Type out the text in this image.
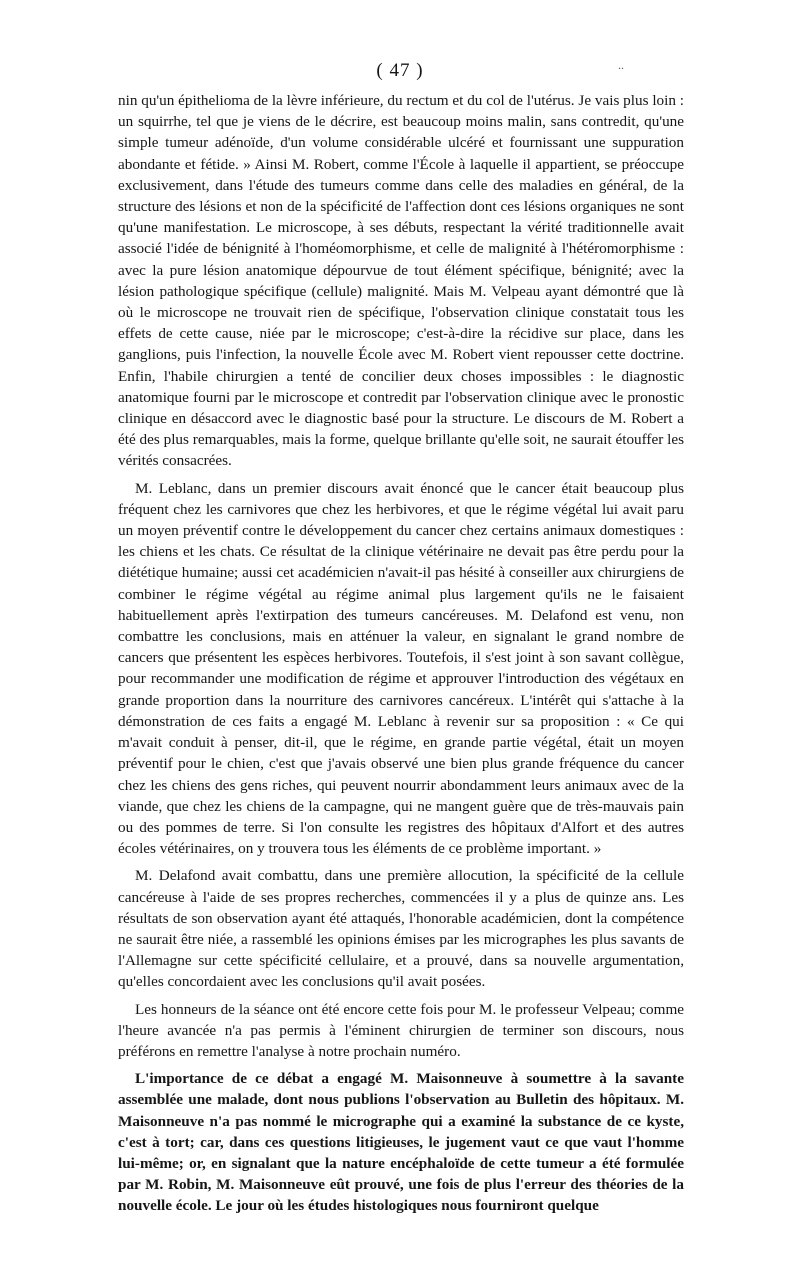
( 47 )	..

nin qu'un épithelioma de la lèvre inférieure, du rectum et du col de l'utérus. Je vais plus loin : un squirrhe, tel que je viens de le décrire, est beaucoup moins malin, sans contredit, qu'une simple tumeur adénoïde, d'un volume considérable ulcéré et fournissant une suppuration abondante et fétide. » Ainsi M. Robert, comme l'École à laquelle il appartient, se préoccupe exclusivement, dans l'étude des tumeurs comme dans celle des maladies en général, de la structure des lésions et non de la spécificité de l'affection dont ces lésions organiques ne sont qu'une manifestation. Le microscope, à ses débuts, respectant la vérité traditionnelle avait associé l'idée de bénignité à l'homéomorphisme, et celle de malignité à l'hétéromorphisme : avec la pure lésion anatomique dépourvue de tout élément spécifique, bénignité; avec la lésion pathologique spécifique (cellule) malignité. Mais M. Velpeau ayant démontré que là où le microscope ne trouvait rien de spécifique, l'observation clinique constatait tous les effets de cette cause, niée par le microscope; c'est-à-dire la récidive sur place, dans les ganglions, puis l'infection, la nouvelle École avec M. Robert vient repousser cette doctrine. Enfin, l'habile chirurgien a tenté de concilier deux choses impossibles : le diagnostic anatomique fourni par le microscope et contredit par l'observation clinique avec le pronostic clinique en désaccord avec le diagnostic basé pour la structure. Le discours de M. Robert a été des plus remarquables, mais la forme, quelque brillante qu'elle soit, ne saurait étouffer les vérités consacrées.

M. Leblanc, dans un premier discours avait énoncé que le cancer était beaucoup plus fréquent chez les carnivores que chez les herbivores, et que le régime végétal lui avait paru un moyen préventif contre le développement du cancer chez certains animaux domestiques : les chiens et les chats. Ce résultat de la clinique vétérinaire ne devait pas être perdu pour la diététique humaine; aussi cet académicien n'avait-il pas hésité à conseiller aux chirurgiens de combiner le régime végétal au régime animal plus largement qu'ils ne le faisaient habituellement après l'extirpation des tumeurs cancéreuses. M. Delafond est venu, non combattre les conclusions, mais en atténuer la valeur, en signalant le grand nombre de cancers que présentent les espèces herbivores. Toutefois, il s'est joint à son savant collègue, pour recommander une modification de régime et approuver l'introduction des végétaux en grande proportion dans la nourriture des carnivores cancéreux. L'intérêt qui s'attache à la démonstration de ces faits a engagé M. Leblanc à revenir sur sa proposition : « Ce qui m'avait conduit à penser, dit-il, que le régime, en grande partie végétal, était un moyen préventif pour le chien, c'est que j'avais observé une bien plus grande fréquence du cancer chez les chiens des gens riches, qui peuvent nourrir abondamment leurs animaux avec de la viande, que chez les chiens de la campagne, qui ne mangent guère que de très-mauvais pain ou des pommes de terre. Si l'on consulte les registres des hôpitaux d'Alfort et des autres écoles vétérinaires, on y trouvera tous les éléments de ce problème important. »

M. Delafond avait combattu, dans une première allocution, la spécificité de la cellule cancéreuse à l'aide de ses propres recherches, commencées il y a plus de quinze ans. Les résultats de son observation ayant été attaqués, l'honorable académicien, dont la compétence ne saurait être niée, a rassemblé les opinions émises par les micrographes les plus savants de l'Allemagne sur cette spécificité cellulaire, et a prouvé, dans sa nouvelle argumentation, qu'elles concordaient avec les conclusions qu'il avait posées.

Les honneurs de la séance ont été encore cette fois pour M. le professeur Velpeau; comme l'heure avancée n'a pas permis à l'éminent chirurgien de terminer son discours, nous préférons en remettre l'analyse à notre prochain numéro.

L'importance de ce débat a engagé M. Maisonneuve à soumettre à la savante assemblée une malade, dont nous publions l'observation au Bulletin des hôpitaux. M. Maisonneuve n'a pas nommé le micrographe qui a examiné la substance de ce kyste, c'est à tort; car, dans ces questions litigieuses, le jugement vaut ce que vaut l'homme lui-même; or, en signalant que la nature encéphaloïde de cette tumeur a été formulée par M. Robin, M. Maisonneuve eût prouvé, une fois de plus l'erreur des théories de la nouvelle école. Le jour où les études histologiques nous fourniront quelque
